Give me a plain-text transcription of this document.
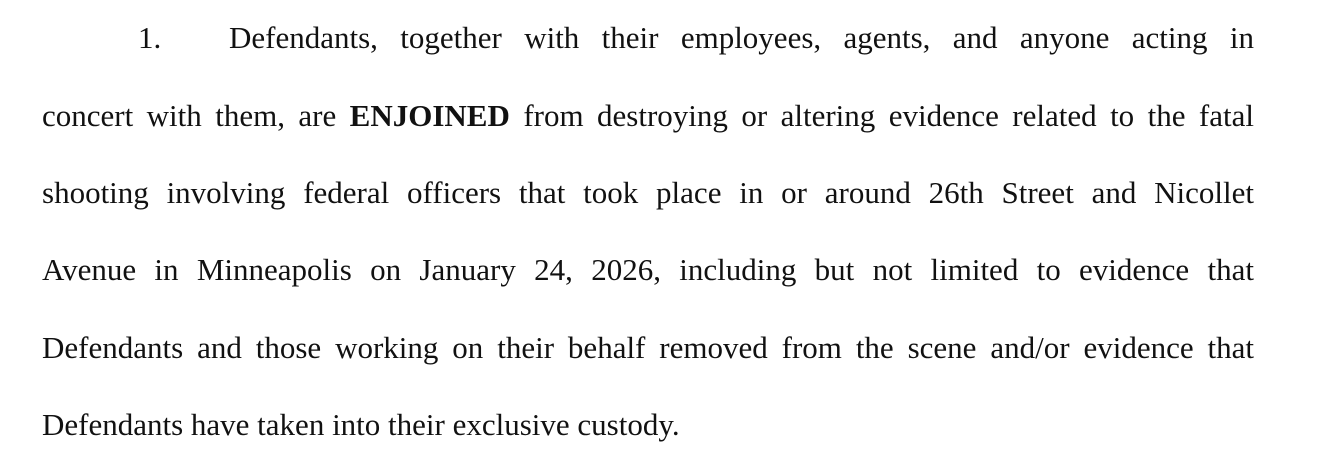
1. Defendants, together with their employees, agents, and anyone acting in
concert with them, are ENJOINED from destroying or altering evidence related to the fatal
shooting involving federal officers that took place in or around 26th Street and Nicollet
Avenue in Minneapolis on January 24, 2026, including but not limited to evidence that
Defendants and those working on their behalf removed from the scene and/or evidence that
Defendants have taken into their exclusive custody.
